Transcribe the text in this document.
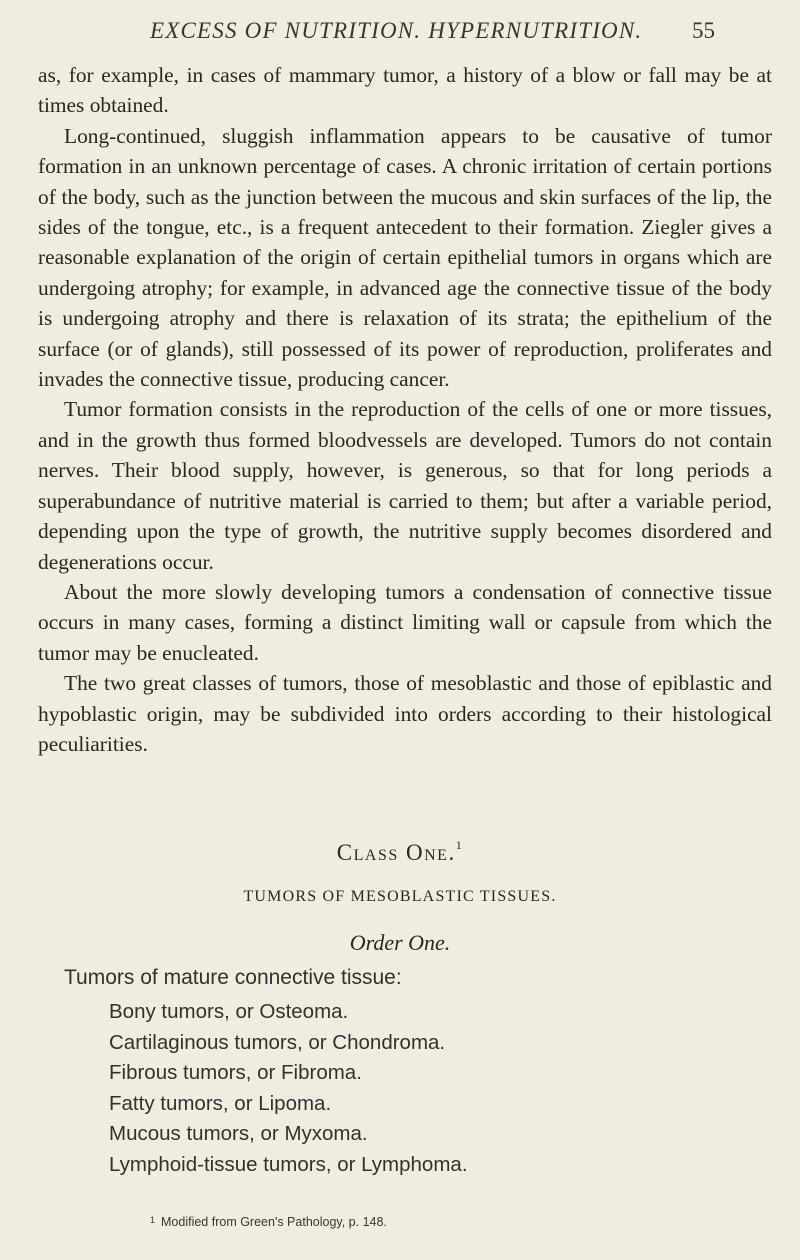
EXCESS OF NUTRITION. HYPERNUTRITION. 55

as, for example, in cases of mammary tumor, a history of a blow or fall may be at times obtained.

Long-continued, sluggish inflammation appears to be causative of tumor formation in an unknown percentage of cases. A chronic irritation of certain portions of the body, such as the junction between the mucous and skin surfaces of the lip, the sides of the tongue, etc., is a frequent antecedent to their formation. Ziegler gives a reasonable explanation of the origin of certain epithelial tumors in organs which are undergoing atrophy; for example, in advanced age the connective tissue of the body is undergoing atrophy and there is relaxation of its strata; the epithelium of the surface (or of glands), still possessed of its power of reproduction, proliferates and invades the connective tissue, producing cancer.

Tumor formation consists in the reproduction of the cells of one or more tissues, and in the growth thus formed bloodvessels are developed. Tumors do not contain nerves. Their blood supply, however, is generous, so that for long periods a superabundance of nutritive material is carried to them; but after a variable period, depending upon the type of growth, the nutritive supply becomes disordered and degenerations occur.

About the more slowly developing tumors a condensation of connective tissue occurs in many cases, forming a distinct limiting wall or capsule from which the tumor may be enucleated.

The two great classes of tumors, those of mesoblastic and those of epiblastic and hypoblastic origin, may be subdivided into orders according to their histological peculiarities.

Class One.$^1$
TUMORS OF MESOBLASTIC TISSUES.
Order One.
Tumors of mature connective tissue:
Bony tumors, or Osteoma.
Cartilaginous tumors, or Chondroma.
Fibrous tumors, or Fibroma.
Fatty tumors, or Lipoma.
Mucous tumors, or Myxoma.
Lymphoid-tissue tumors, or Lymphoma.
$^1$ Modified from Green's Pathology, p. 148.
